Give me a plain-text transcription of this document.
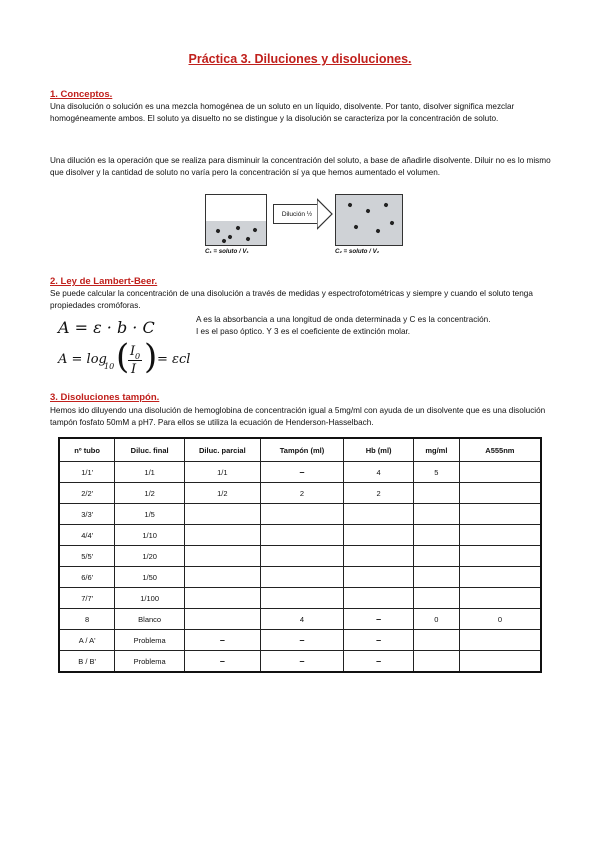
Práctica 3. Diluciones y disoluciones.
1. Conceptos.

Una disolución o solución es una mezcla homogénea de un soluto en un líquido, disolvente. Por tanto, disolver significa mezclar homogéneamente ambos. El soluto ya disuelto no se distingue y la disolución se caracteriza por la concentración de soluto.

Una dilución es la operación que se realiza para disminuir la concentración del soluto, a base de añadirle disolvente. Diluir no es lo mismo que disolver y la cantidad de soluto no varía pero la concentración sí ya que hemos aumentado el volumen.

Dilución ½
C₁ = soluto / V₁	C₂ = soluto / V₂
2. Ley de Lambert-Beer.

Se puede calcular la concentración de una disolución a través de medidas y espectrofotométricas y siempre y cuando el soluto tenga propiedades cromóforas.

A = ε · b · C
A = log
10 ( I 0
I ) = εcl

A es la absorbancia a una longitud de onda determinada y C es la concentración.

I es el paso óptico. Y 3 es el coeficiente de extinción molar.

3. Disoluciones tampón.

Hemos ido diluyendo una disolución de hemoglobina de concentración igual a 5mg/ml con ayuda de un disolvente que es una disolución tampón fosfato 50mM a pH7. Para ellos se utiliza la ecuación de Henderson-Hasselbach.

nº tubo	Diluc. final	Diluc. parcial	Tampón (ml)	Hb (ml)	mg/ml	A555nm
1/1'	1/1	1/1	–	4	5	
2/2'	1/2	1/2	2	2		
3/3'	1/5					
4/4'	1/10					
5/5'	1/20					
6/6'	1/50					
7/7'	1/100					
8	Blanco		4	–	0	0
A / A'	Problema	–	–	–		
B / B'	Problema	–	–	–		
